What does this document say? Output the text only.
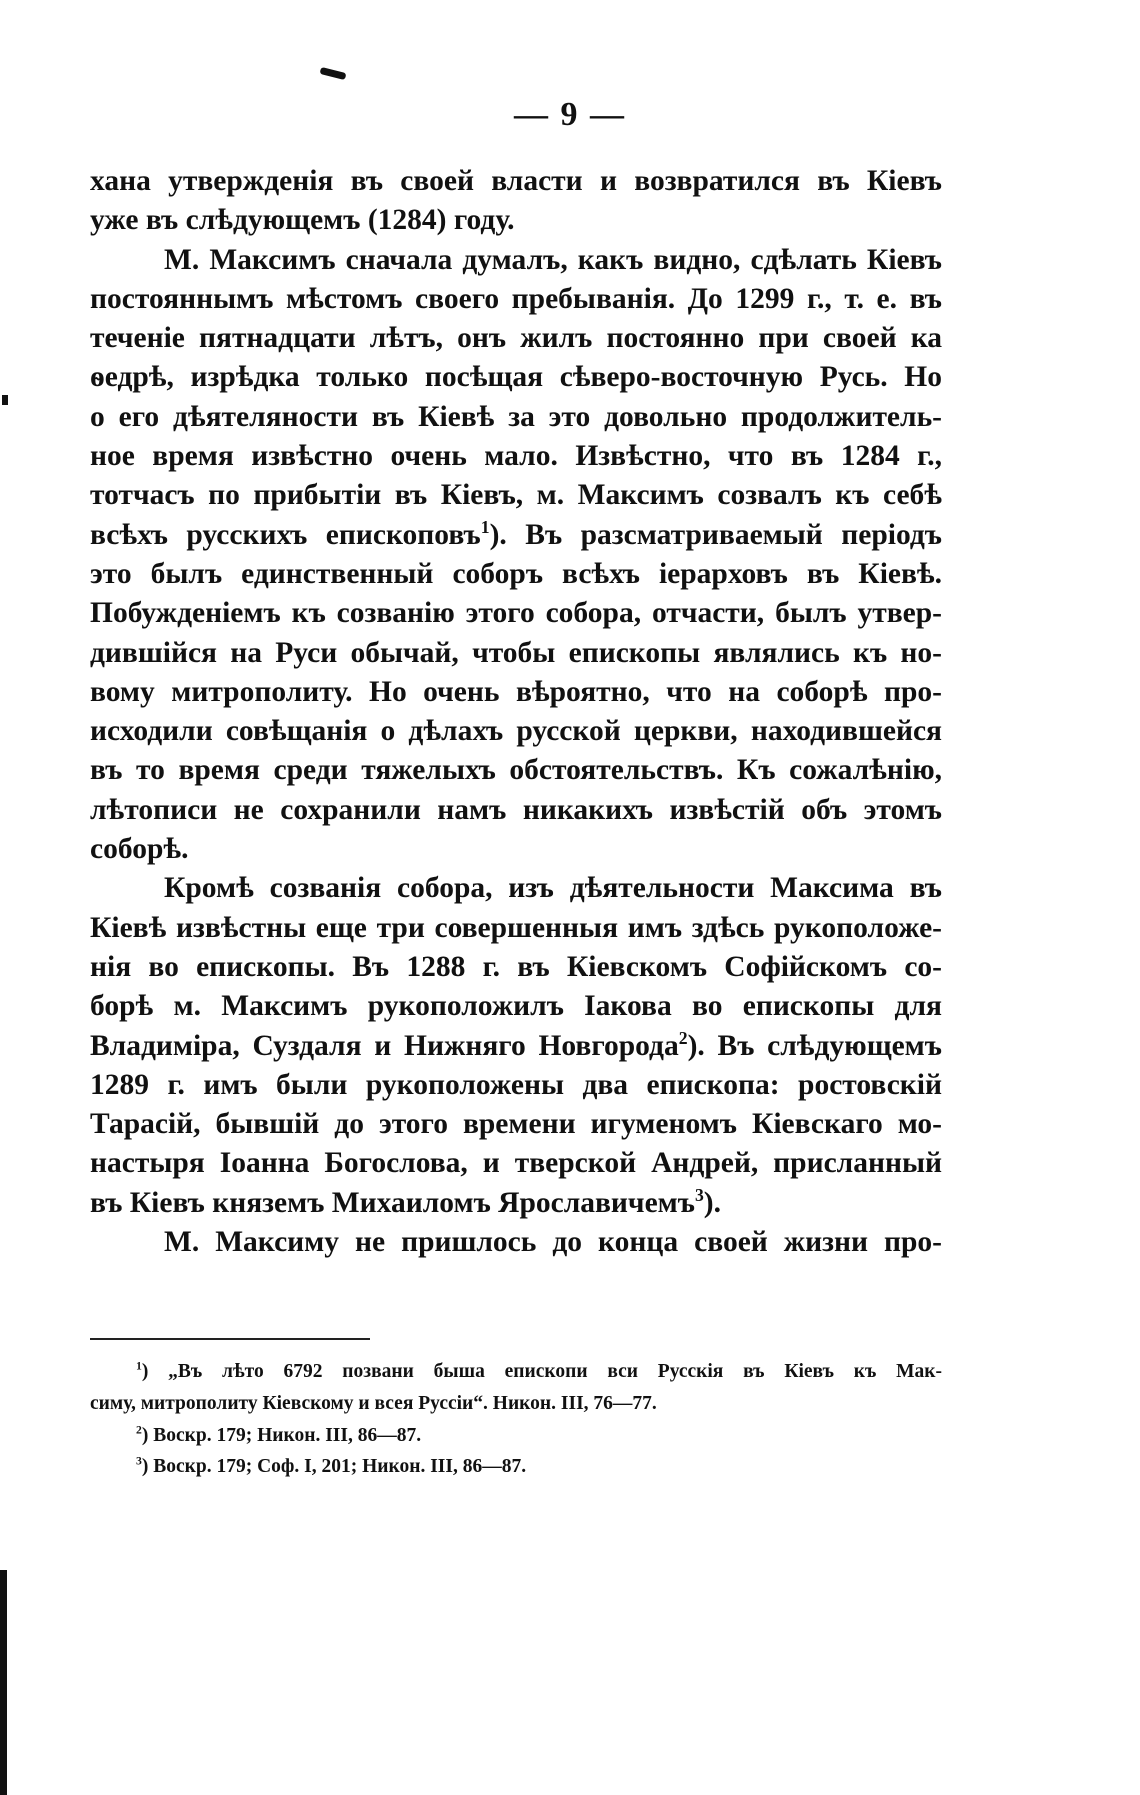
— 9 —
хана утвержденія въ своей власти и возвратился въ Кіевъ
уже въ слѣдующемъ (1284) году.
М. Максимъ сначала думалъ, какъ видно, сдѣлать Кіевъ
постояннымъ мѣстомъ своего пребыванія. До 1299 г., т. е. въ
теченіе пятнадцати лѣтъ, онъ жилъ постоянно при своей ка
ѳедрѣ, изрѣдка только посѣщая сѣверо-восточную Русь. Но
о его дѣятеляности въ Кіевѣ за это довольно продолжитель-
ное время извѣстно очень мало. Извѣстно, что въ 1284 г.,
тотчасъ по прибытіи въ Кіевъ, м. Максимъ созвалъ къ себѣ
всѣхъ русскихъ епископовъ$^1$). Въ разсматриваемый періодъ
это былъ единственный соборъ всѣхъ іерарховъ въ Кіевѣ.
Побужденіемъ къ созванію этого собора, отчасти, былъ утвер-
дившійся на Руси обычай, чтобы епископы являлись къ но-
вому митрополиту. Но очень вѣроятно, что на соборѣ про-
исходили совѣщанія о дѣлахъ русской церкви, находившейся
въ то время среди тяжелыхъ обстоятельствъ. Къ сожалѣнію,
лѣтописи не сохранили намъ никакихъ извѣстій объ этомъ
соборѣ.
Кромѣ созванія собора, изъ дѣятельности Максима въ
Кіевѣ извѣстны еще три совершенныя имъ здѣсь рукоположе-
нія во епископы. Въ 1288 г. въ Кіевскомъ Софійскомъ со-
борѣ м. Максимъ рукоположилъ Іакова во епископы для
Владиміра, Суздаля и Нижняго Новгорода$^2$). Въ слѣдующемъ
1289 г. имъ были рукоположены два епископа: ростовскій
Тарасій, бывшій до этого времени игуменомъ Кіевскаго мо-
настыря Іоанна Богослова, и тверской Андрей, присланный
въ Кіевъ княземъ Михаиломъ Ярославичемъ$^3$).
М. Максиму не пришлось до конца своей жизни про-
$^1$) „Въ лѣто 6792 позвани быша епископи вси Русскія въ Кіевъ къ Мак-
симу, митрополиту Кіевскому и всея Руссіи“. Никон. III, 76—77.
$^2$) Воскр. 179; Никон. III, 86—87.
$^3$) Воскр. 179; Соф. I, 201; Никон. III, 86—87.
